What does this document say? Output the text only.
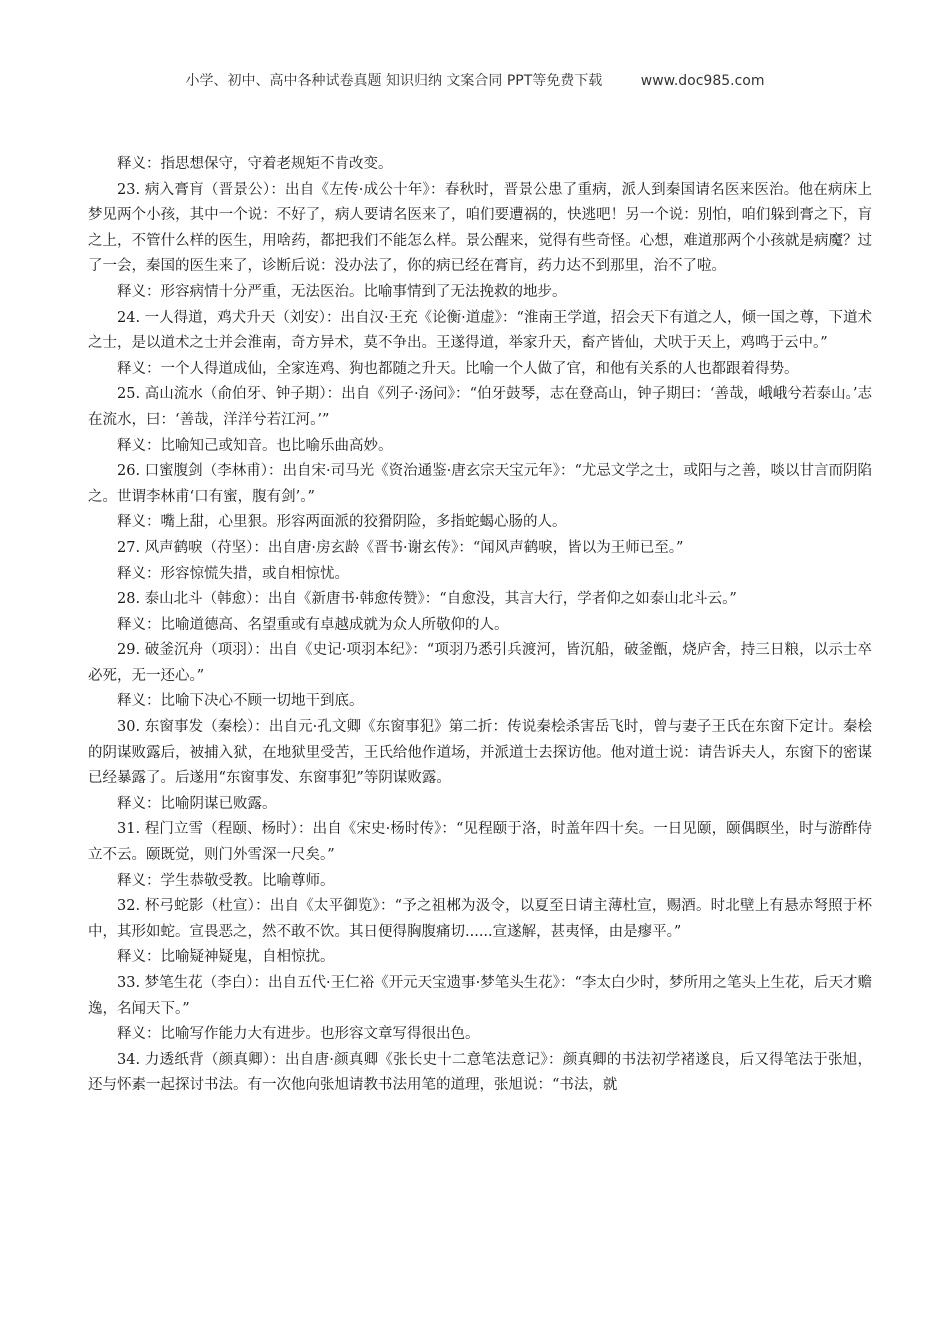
小学、初中、高中各种试卷真题 知识归纳 文案合同 PPT等免费下载	www.doc985.com

释义：指思想保守，守着老规矩不肯改变。

23. 病入膏肓（晋景公）：出自《左传·成公十年》：春秋时，晋景公患了重病，派人到秦国请名医来医治。他在病床上梦见两个小孩，其中一个说：不好了，病人要请名医来了，咱们要遭祸的，快逃吧！另一个说：别怕，咱们躲到膏之下，肓之上，不管什么样的医生，用啥药，都把我们不能怎么样。景公醒来，觉得有些奇怪。心想，难道那两个小孩就是病魔？过了一会，秦国的医生来了，诊断后说：没办法了，你的病已经在膏肓，药力达不到那里，治不了啦。

释义：形容病情十分严重，无法医治。比喻事情到了无法挽救的地步。

24. 一人得道，鸡犬升天（刘安）：出自汉·王充《论衡·道虚》：“淮南王学道，招会天下有道之人，倾一国之尊，下道术之士，是以道术之士并会淮南，奇方异术，莫不争出。王遂得道，举家升天，畜产皆仙，犬吠于天上，鸡鸣于云中。”

释义：一个人得道成仙，全家连鸡、狗也都随之升天。比喻一个人做了官，和他有关系的人也都跟着得势。

25. 高山流水（俞伯牙、钟子期）：出自《列子·汤问》：“伯牙鼓琴，志在登高山，钟子期曰：‘善哉，峨峨兮若泰山。’志在流水，曰：‘善哉，洋洋兮若江河。’”

释义：比喻知己或知音。也比喻乐曲高妙。

26. 口蜜腹剑（李林甫）：出自宋·司马光《资治通鉴·唐玄宗天宝元年》：“尤忌文学之士，或阳与之善，啖以甘言而阴陷之。世谓李林甫‘口有蜜，腹有剑’。”

释义：嘴上甜，心里狠。形容两面派的狡猾阴险，多指蛇蝎心肠的人。

27. 风声鹤唳（苻坚）：出自唐·房玄龄《晋书·谢玄传》：“闻风声鹤唳，皆以为王师已至。”

释义：形容惊慌失措，或自相惊忧。

28. 泰山北斗（韩愈）：出自《新唐书·韩愈传赞》：“自愈没，其言大行，学者仰之如泰山北斗云。”

释义：比喻道德高、名望重或有卓越成就为众人所敬仰的人。

29. 破釜沉舟（项羽）：出自《史记·项羽本纪》：“项羽乃悉引兵渡河，皆沉船，破釜甑，烧庐舍，持三日粮，以示士卒必死，无一还心。”

释义：比喻下决心不顾一切地干到底。

30. 东窗事发（秦桧）：出自元·孔文卿《东窗事犯》第二折：传说秦桧杀害岳飞时，曾与妻子王氏在东窗下定计。秦桧的阴谋败露后，被捕入狱，在地狱里受苦，王氏给他作道场，并派道士去探访他。他对道士说：请告诉夫人，东窗下的密谋已经暴露了。后遂用“东窗事发、东窗事犯”等阴谋败露。

释义：比喻阴谋已败露。

31. 程门立雪（程颐、杨时）：出自《宋史·杨时传》：“见程颐于洛，时盖年四十矣。一日见颐，颐偶瞑坐，时与游酢侍立不云。颐既觉，则门外雪深一尺矣。”

释义：学生恭敬受教。比喻尊师。

32. 杯弓蛇影（杜宣）：出自《太平御览》：“予之祖郴为汲令，以夏至日请主薄杜宣，赐酒。时北壁上有悬赤弩照于杯中，其形如蛇。宣畏恶之，然不敢不饮。其日便得胸腹痛切......宣遂解，甚夷怿，由是瘳平。”

释义：比喻疑神疑鬼，自相惊扰。

33. 梦笔生花（李白）：出自五代·王仁裕《开元天宝遗事·梦笔头生花》：“李太白少时，梦所用之笔头上生花，后天才赡逸，名闻天下。”

释义：比喻写作能力大有进步。也形容文章写得很出色。

34. 力透纸背（颜真卿）：出自唐·颜真卿《张长史十二意笔法意记》：颜真卿的书法初学褚遂良，后又得笔法于张旭，还与怀素一起探讨书法。有一次他向张旭请教书法用笔的道理，张旭说：“书法，就
